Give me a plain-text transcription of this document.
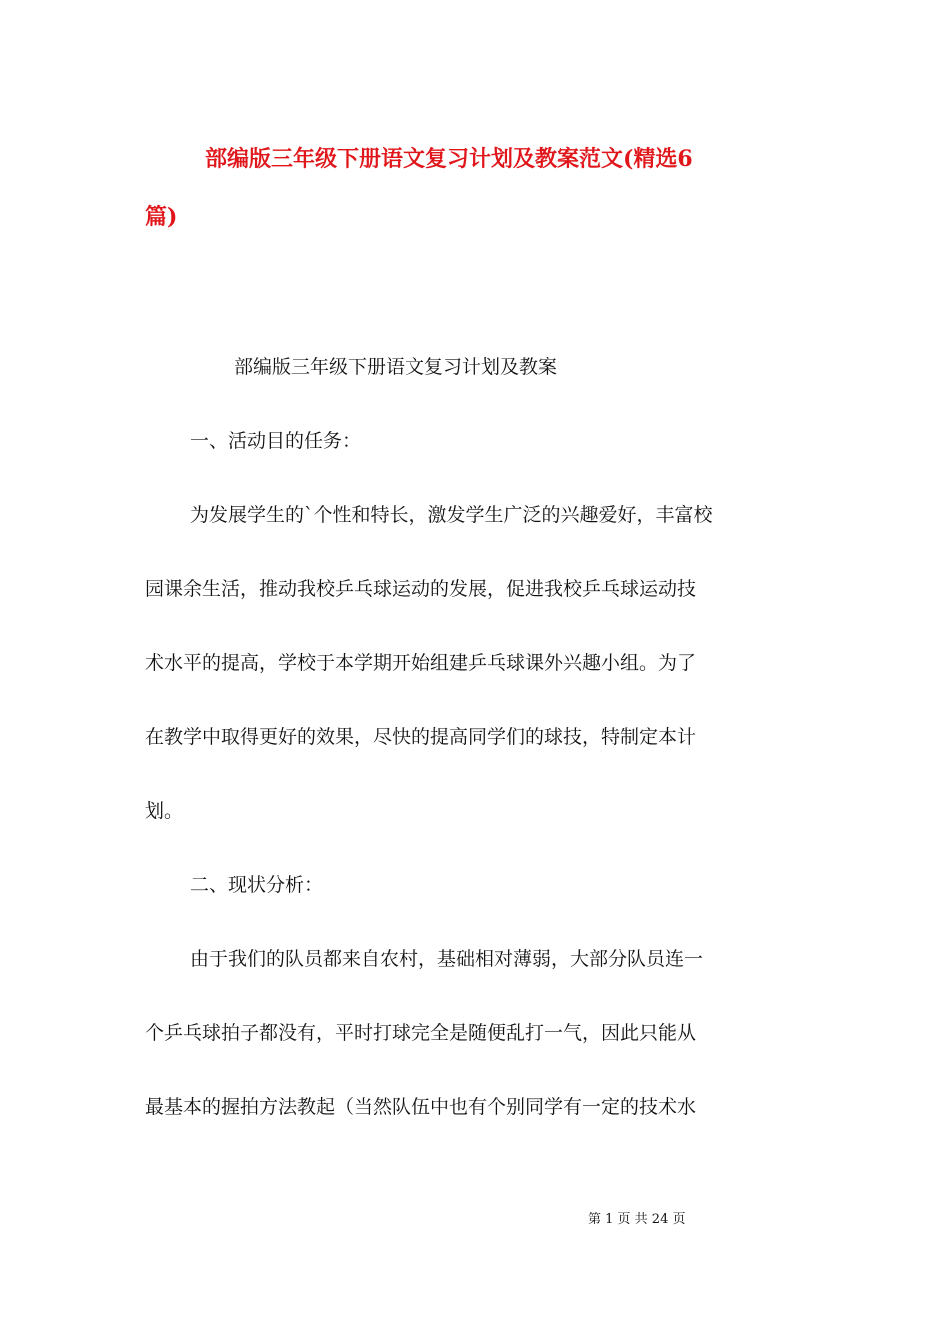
部编版三年级下册语文复习计划及教案范文(精选6
篇)

部编版三年级下册语文复习计划及教案

一、活动目的任务：

为发展学生的`个性和特长，激发学生广泛的兴趣爱好，丰富校

园课余生活，推动我校乒乓球运动的发展，促进我校乒乓球运动技

术水平的提高，学校于本学期开始组建乒乓球课外兴趣小组。为了

在教学中取得更好的效果，尽快的提高同学们的球技，特制定本计

划。

二、现状分析：

由于我们的队员都来自农村，基础相对薄弱，大部分队员连一

个乒乓球拍子都没有，平时打球完全是随便乱打一气，因此只能从

最基本的握拍方法教起（当然队伍中也有个别同学有一定的技术水

第 1 页 共 24 页
